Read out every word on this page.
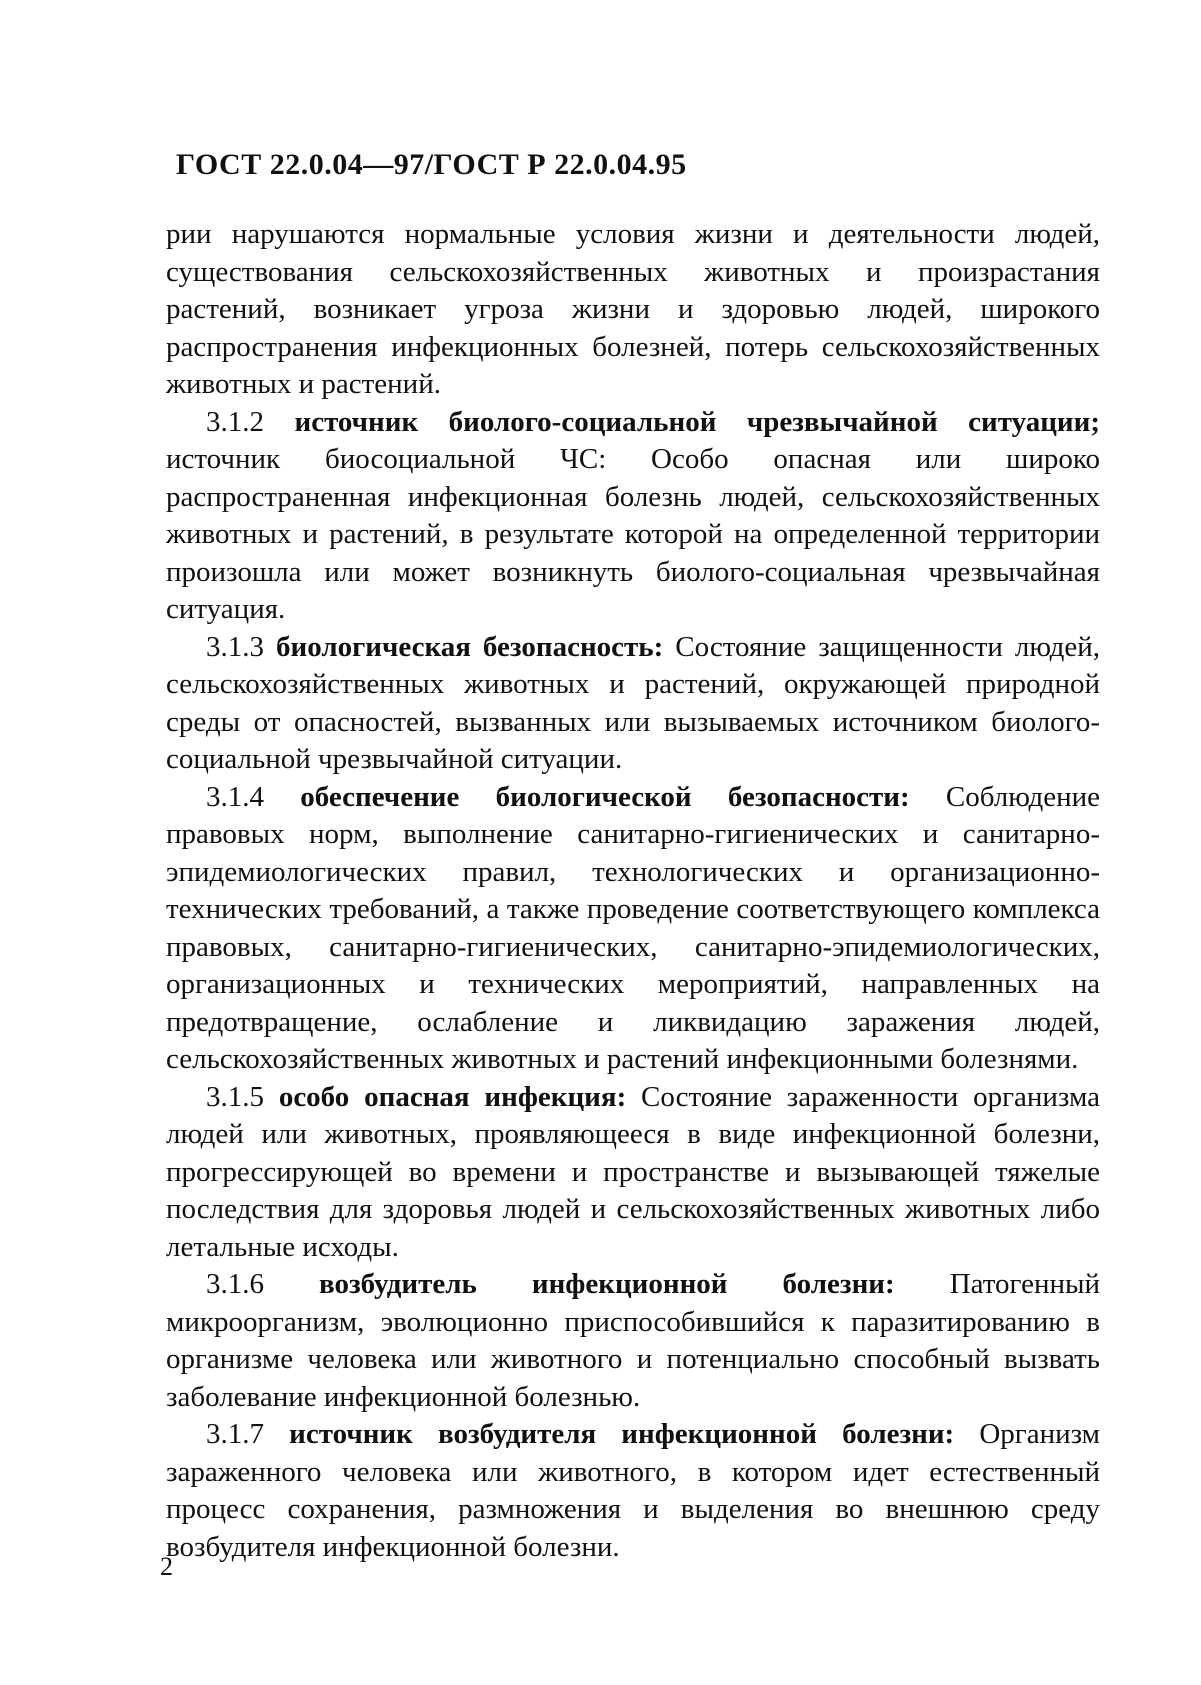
ГОСТ 22.0.04—97/ГОСТ Р 22.0.04.95

рии нарушаются нормальные условия жизни и деятельности людей, существования сельскохозяйственных животных и произрастания растений, возникает угроза жизни и здоровью людей, широкого распространения инфекционных болезней, потерь сельскохозяйственных животных и растений.

3.1.2 источник биолого-социальной чрезвычайной ситуации; источник биосоциальной ЧС: Особо опасная или широко распространенная инфекционная болезнь людей, сельскохозяйственных животных и растений, в результате которой на определенной территории произошла или может возникнуть биолого-социальная чрезвычайная ситуация.

3.1.3 биологическая безопасность: Состояние защищенности людей, сельскохозяйственных животных и растений, окружающей природной среды от опасностей, вызванных или вызываемых источником биолого-социальной чрезвычайной ситуации.

3.1.4 обеспечение биологической безопасности: Соблюдение правовых норм, выполнение санитарно-гигиенических и санитарно-эпидемиологических правил, технологических и организационно-технических требований, а также проведение соответствующего комплекса правовых, санитарно-гигиенических, санитарно-эпидемиологических, организационных и технических мероприятий, направленных на предотвращение, ослабление и ликвидацию заражения людей, сельскохозяйственных животных и растений инфекционными болезнями.

3.1.5 особо опасная инфекция: Состояние зараженности организма людей или животных, проявляющееся в виде инфекционной болезни, прогрессирующей во времени и пространстве и вызывающей тяжелые последствия для здоровья людей и сельскохозяйственных животных либо летальные исходы.

3.1.6 возбудитель инфекционной болезни: Патогенный микроорганизм, эволюционно приспособившийся к паразитированию в организме человека или животного и потенциально способный вызвать заболевание инфекционной болезнью.

3.1.7 источник возбудителя инфекционной болезни: Организм зараженного человека или животного, в котором идет естественный процесс сохранения, размножения и выделения во внешнюю среду возбудителя инфекционной болезни.

2
